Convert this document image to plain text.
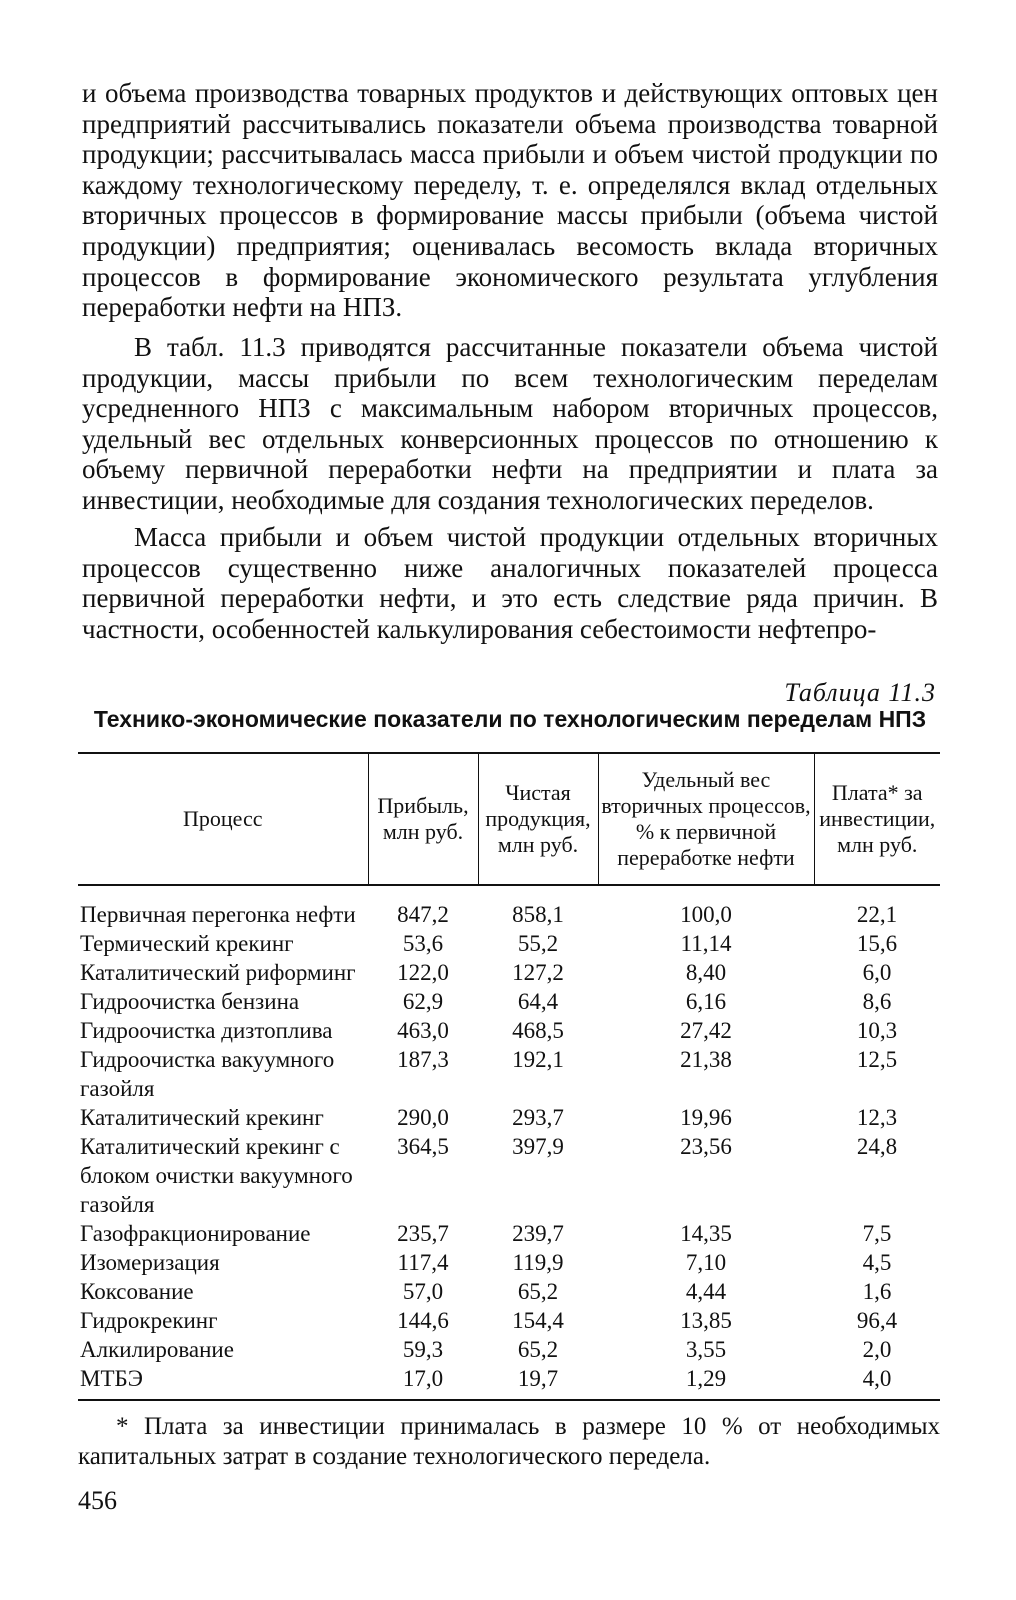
и объема производства товарных продуктов и действующих оптовых цен предприятий рассчитывались показатели объема производства товарной продукции; рассчитывалась масса прибыли и объем чистой продукции по каждому технологическому переделу, т. е. определялся вклад отдельных вторичных процессов в формирование массы прибыли (объема чистой продукции) предприятия; оценивалась весомость вклада вторичных процессов в формирование экономического результата углубления переработки нефти на НПЗ.

В табл. 11.3 приводятся рассчитанные показатели объема чистой продукции, массы прибыли по всем технологическим переделам усредненного НПЗ с максимальным набором вторичных процессов, удельный вес отдельных конверсионных процессов по отношению к объему первичной переработки нефти на предприятии и плата за инвестиции, необходимые для создания технологических переделов.

Масса прибыли и объем чистой продукции отдельных вторичных процессов существенно ниже аналогичных показателей процесса первичной переработки нефти, и это есть следствие ряда причин. В частности, особенностей калькулирования себестоимости нефтепро-

Таблица 11.3
Технико-экономические показатели по технологическим переделам НПЗ
Процесс	Прибыль, млн руб.	Чистая продукция, млн руб.	Удельный вес вторичных процессов, % к первичной переработке нефти	Плата* за инвестиции, млн руб.
Первичная перегонка нефти	847,2	858,1	100,0	22,1
Термический крекинг	53,6	55,2	11,14	15,6
Каталитический риформинг	122,0	127,2	8,40	6,0
Гидроочистка бензина	62,9	64,4	6,16	8,6
Гидроочистка дизтоплива	463,0	468,5	27,42	10,3
Гидроочистка вакуумного газойля	187,3	192,1	21,38	12,5
Каталитический крекинг	290,0	293,7	19,96	12,3
Каталитический крекинг с блоком очистки вакуумного газойля	364,5	397,9	23,56	24,8
Газофракционирование	235,7	239,7	14,35	7,5
Изомеризация	117,4	119,9	7,10	4,5
Коксование	57,0	65,2	4,44	1,6
Гидрокрекинг	144,6	154,4	13,85	96,4
Алкилирование	59,3	65,2	3,55	2,0
МТБЭ	17,0	19,7	1,29	4,0

* Плата за инвестиции принималась в размере 10 % от необходимых капитальных затрат в создание технологического передела.

456
